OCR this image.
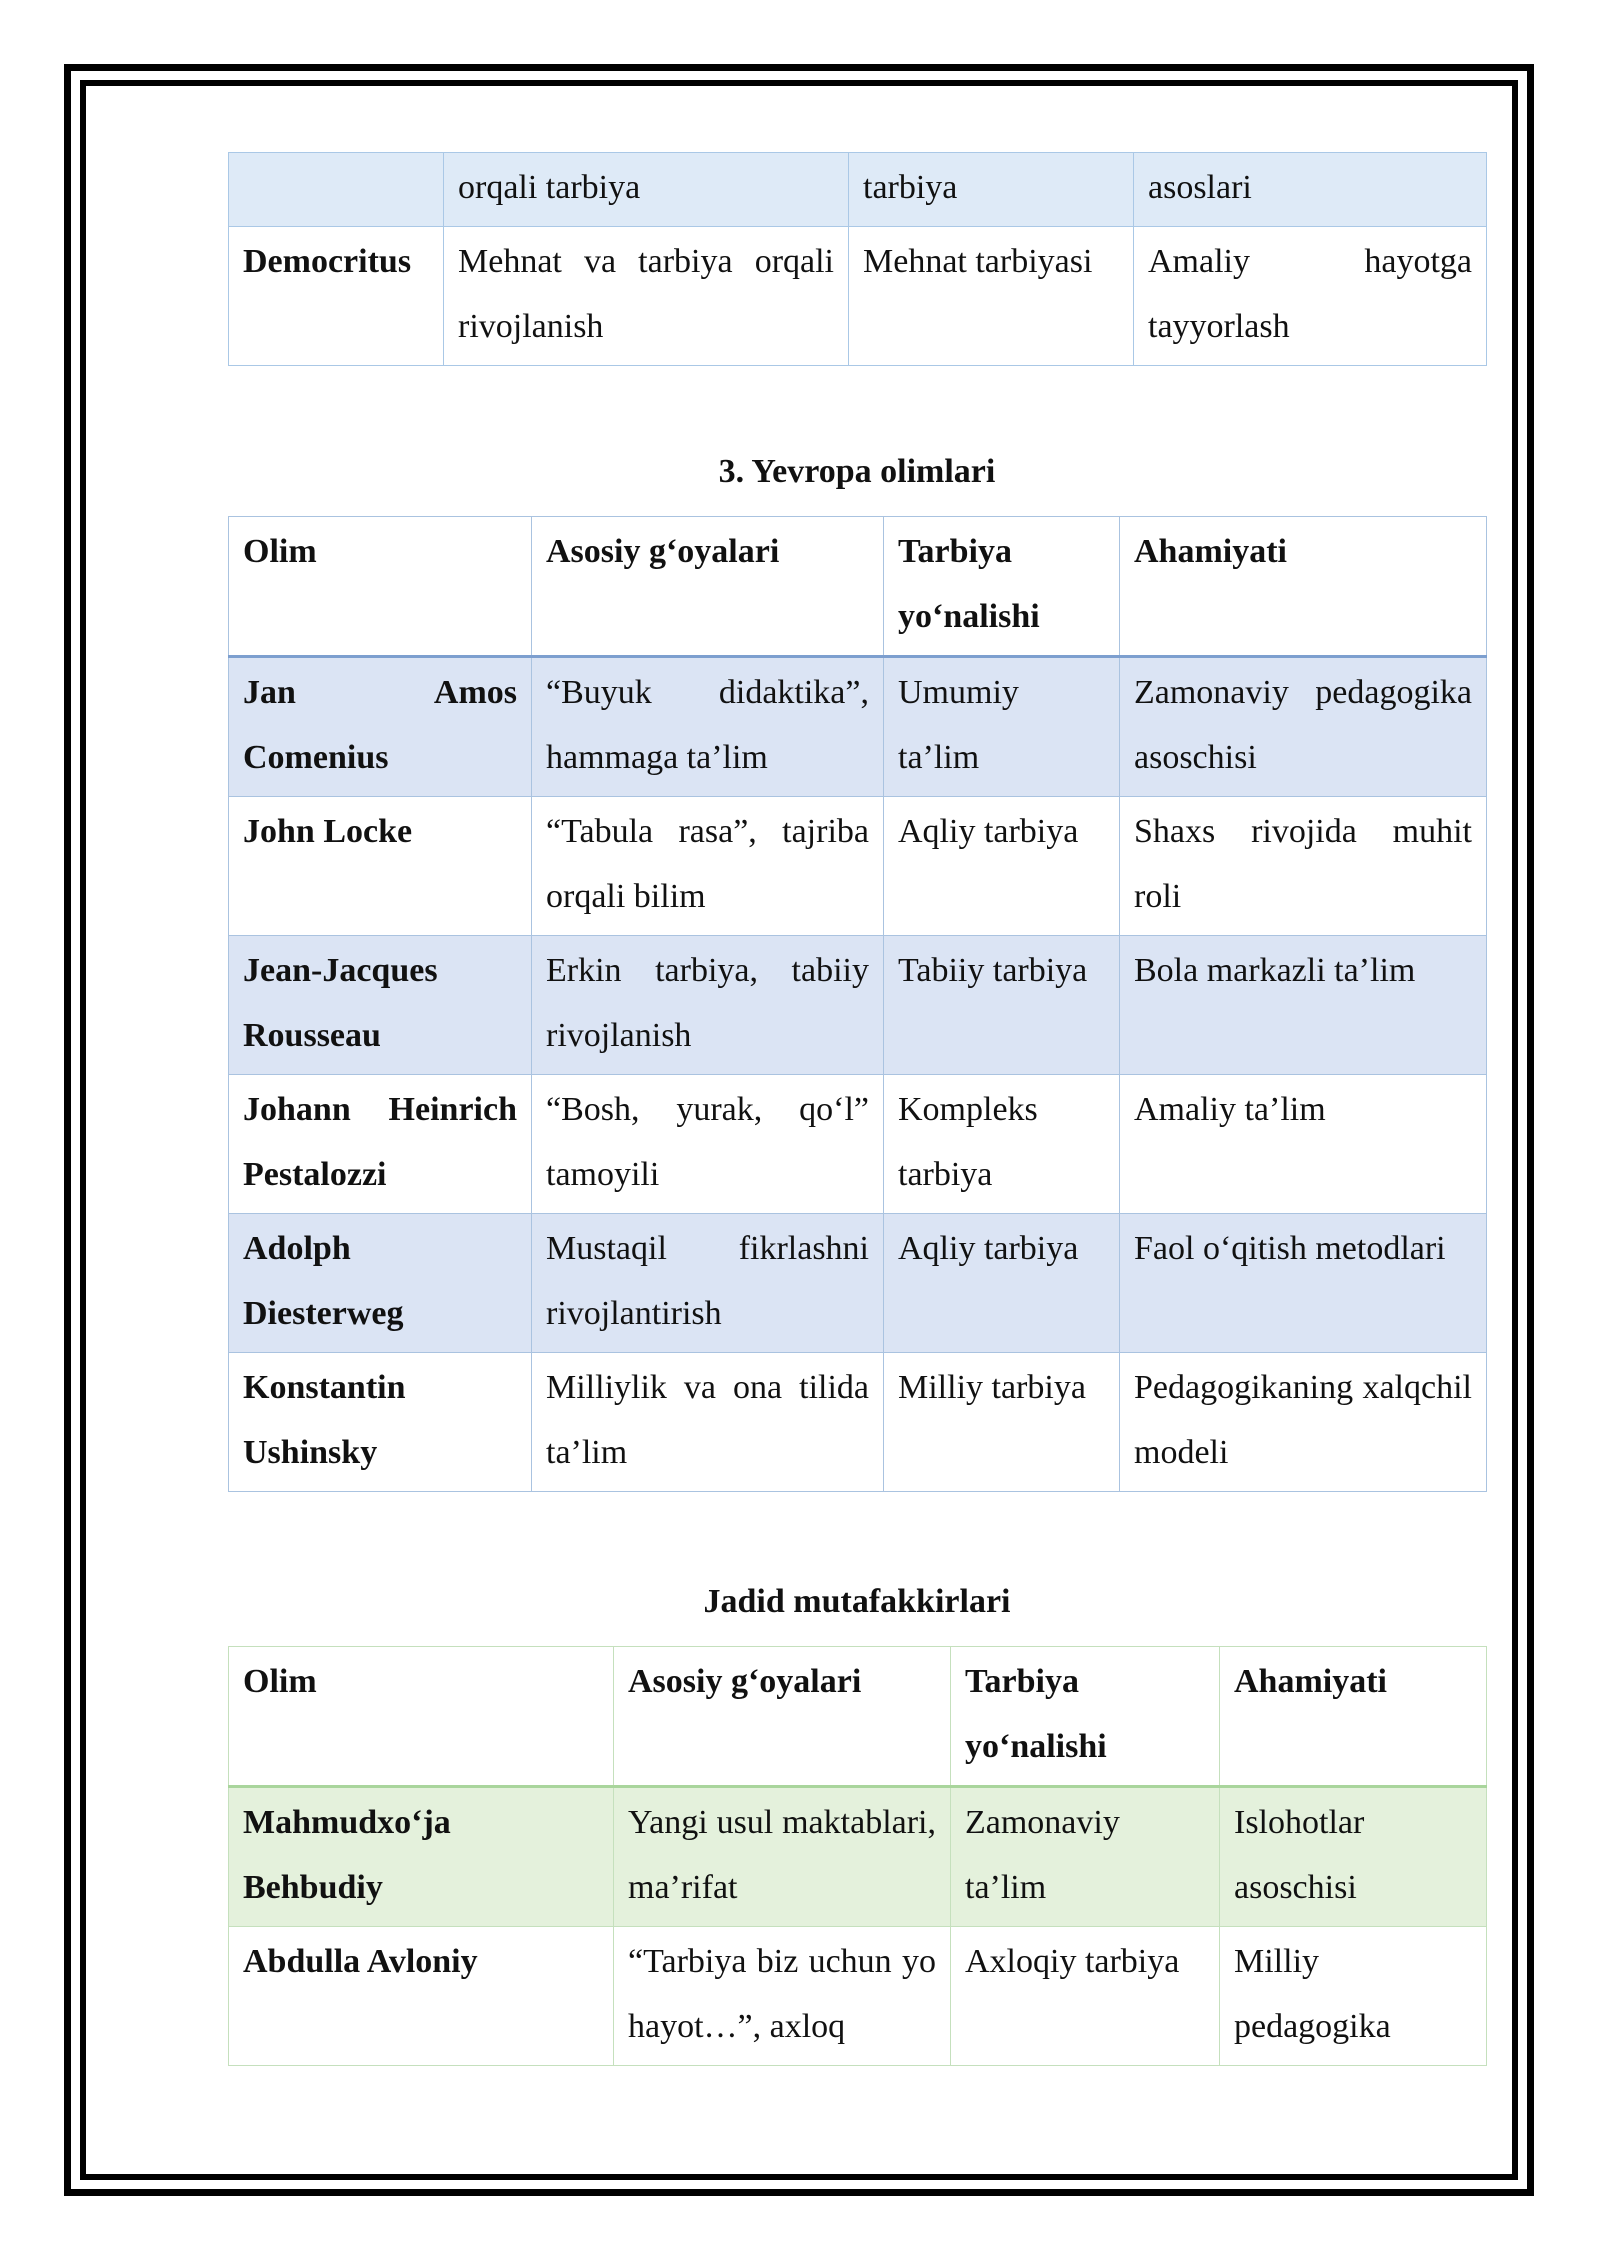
	orqali tarbiya	tarbiya	asoslari
Democritus	Mehnat va tarbiya orqali rivojlanish	Mehnat tarbiyasi	Amaliy hayotga tayyorlash
3. Yevropa olimlari
Olim	Asosiy g‘oyalari	Tarbiya yo‘nalishi	Ahamiyati
Jan Amos Comenius	“Buyuk didaktika”, hammaga ta’lim	Umumiy ta’lim	Zamonaviy pedagogika asoschisi
John Locke	“Tabula rasa”, tajriba orqali bilim	Aqliy tarbiya	Shaxs rivojida muhit roli
Jean-Jacques Rousseau	Erkin tarbiya, tabiiy rivojlanish	Tabiiy tarbiya	Bola markazli ta’lim
Johann Heinrich Pestalozzi	“Bosh, yurak, qo‘l” tamoyili	Kompleks tarbiya	Amaliy ta’lim
Adolph Diesterweg	Mustaqil fikrlashni rivojlantirish	Aqliy tarbiya	Faol o‘qitish metodlari
Konstantin Ushinsky	Milliylik va ona tilida ta’lim	Milliy tarbiya	Pedagogikaning xalqchil modeli
Jadid mutafakkirlari
Olim	Asosiy g‘oyalari	Tarbiya yo‘nalishi	Ahamiyati
Mahmudxo‘ja Behbudiy	Yangi usul maktablari, ma’rifat	Zamonaviy ta’lim	Islohotlar asoschisi
Abdulla Avloniy	“Tarbiya biz uchun yo hayot…”, axloq	Axloqiy tarbiya	Milliy pedagogika
